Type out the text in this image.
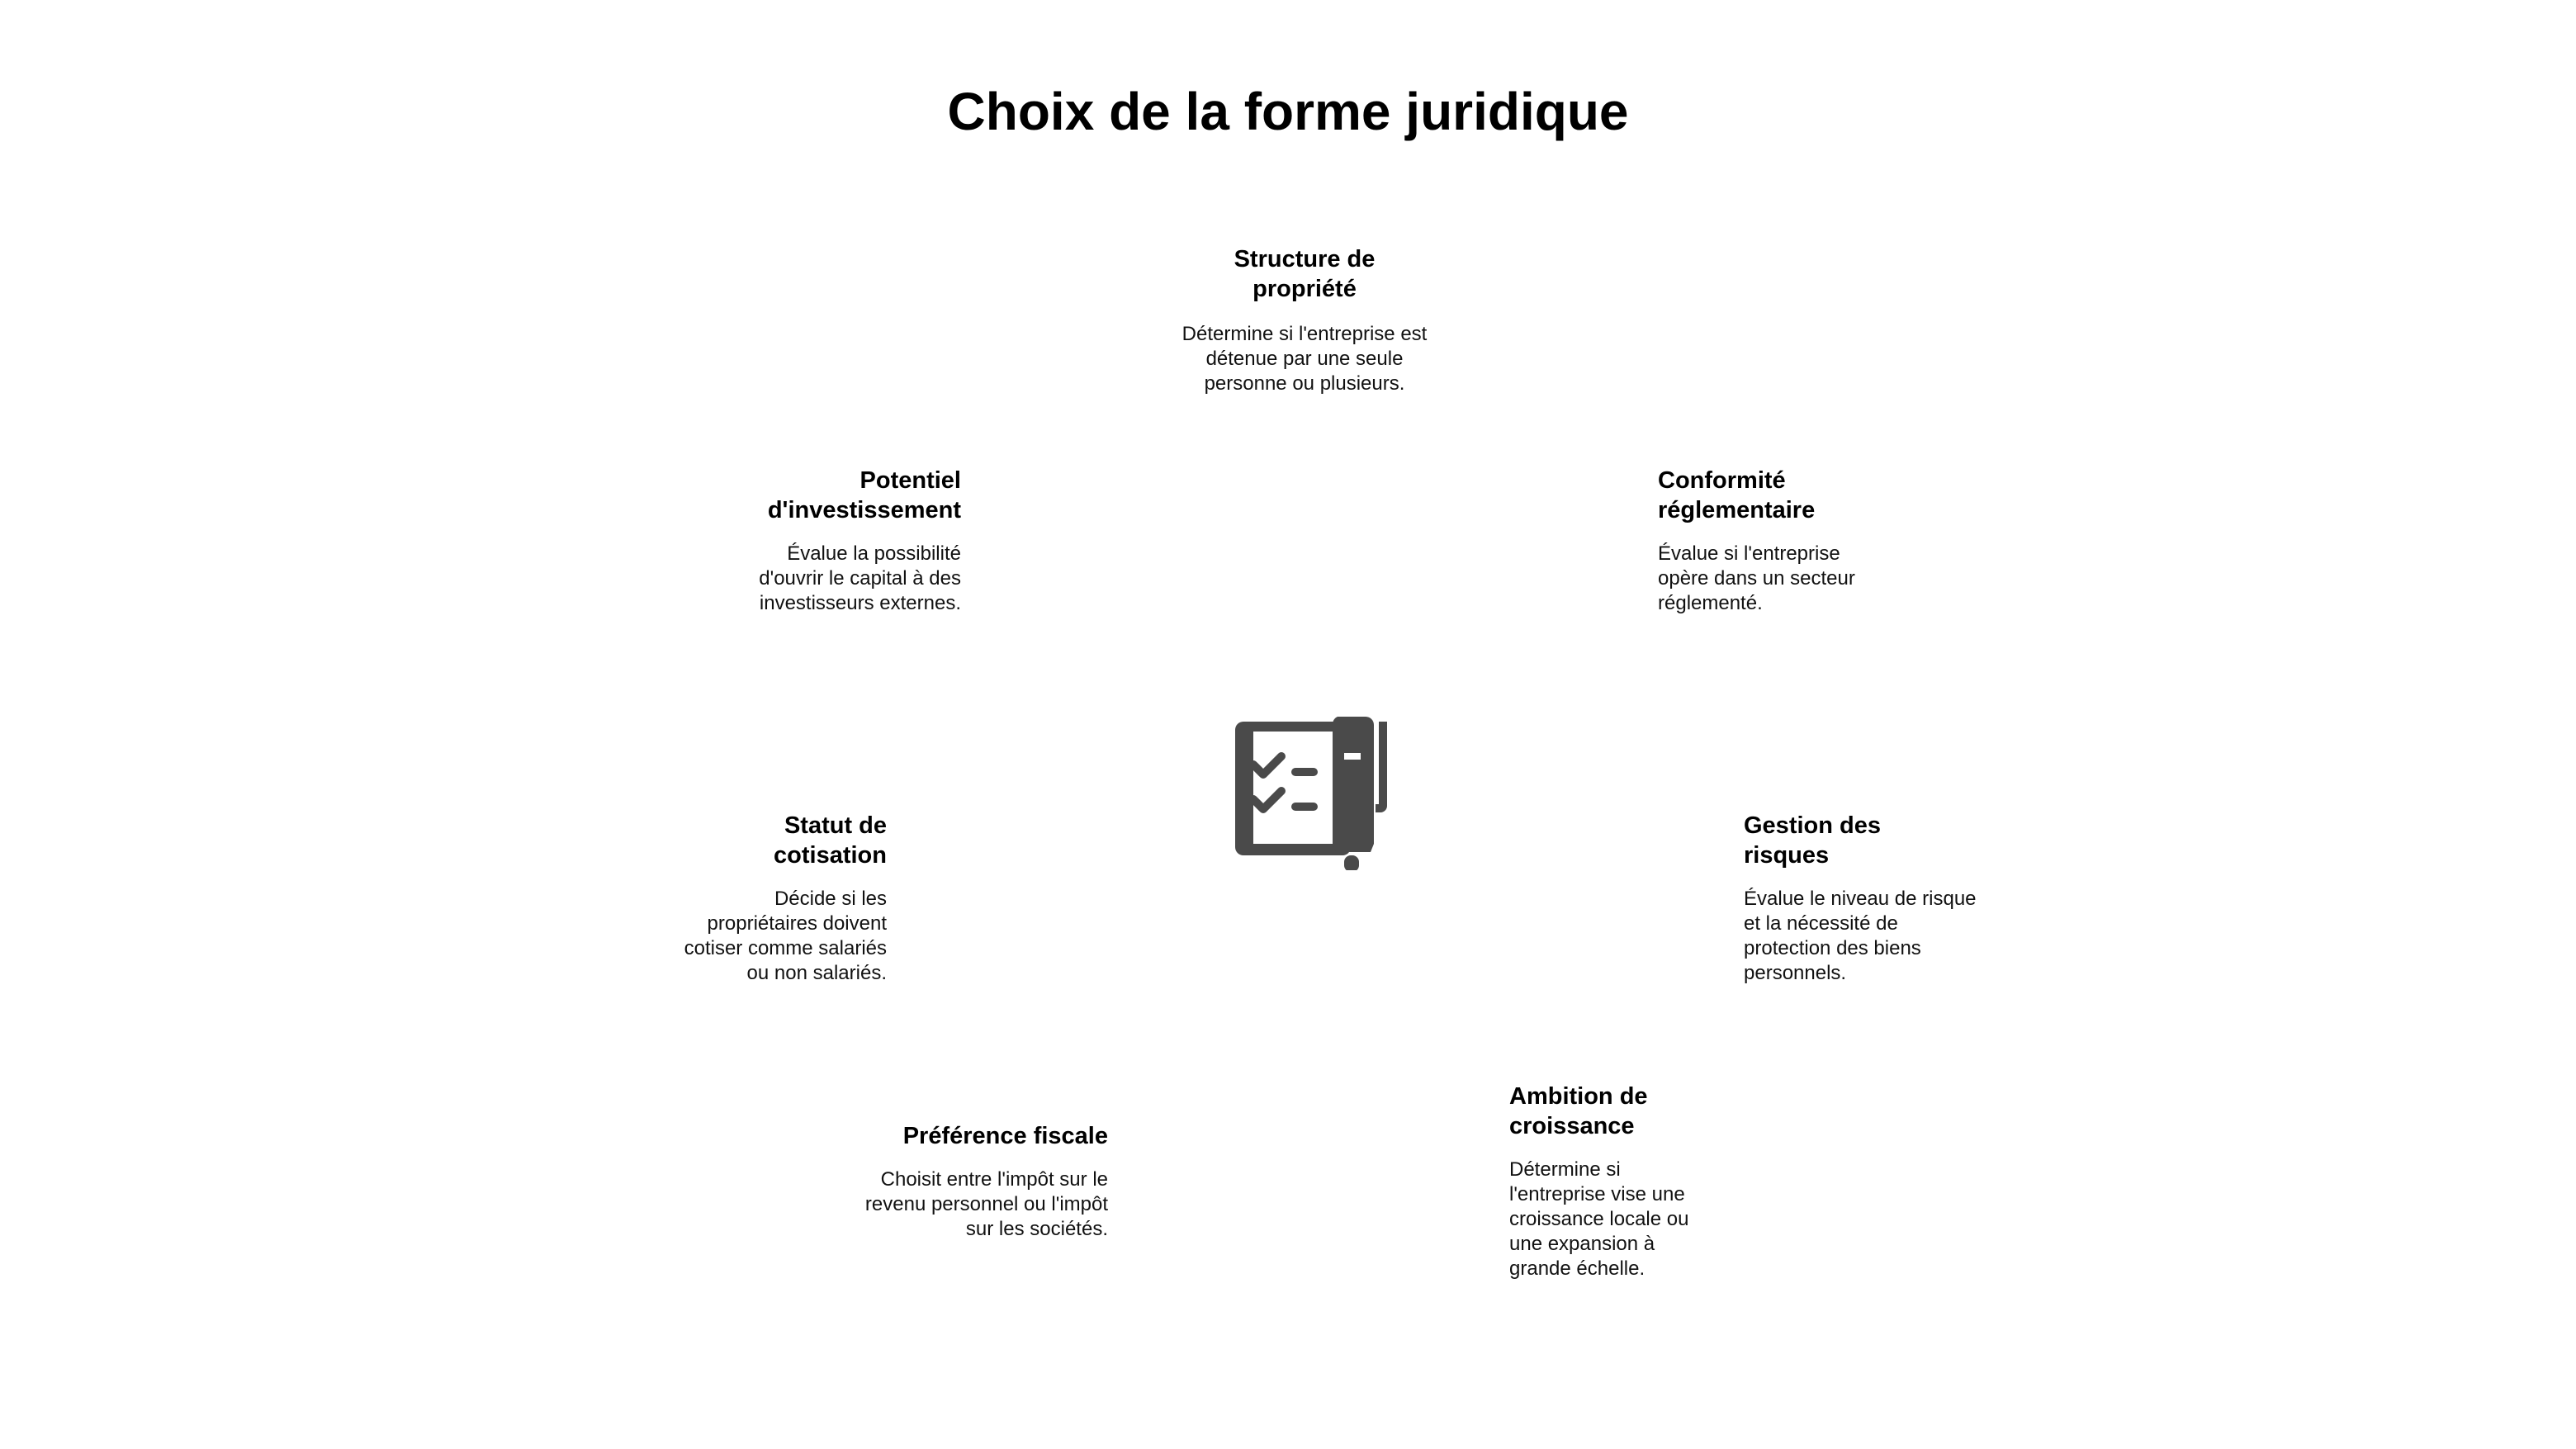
Choix de la forme juridique

Structure de propriété

Détermine si l'entreprise est détenue par une seule personne ou plusieurs.

Conformité réglementaire

Évalue si l'entreprise opère dans un secteur réglementé.

Gestion des risques

Évalue le niveau de risque et la nécessité de protection des biens personnels.

Ambition de croissance

Détermine si l'entreprise vise une croissance locale ou une expansion à grande échelle.

Préférence fiscale

Choisit entre l'impôt sur le revenu personnel ou l'impôt sur les sociétés.

Statut de cotisation

Décide si les propriétaires doivent cotiser comme salariés ou non salariés.

Potentiel d'investissement

Évalue la possibilité d'ouvrir le capital à des investisseurs externes.
